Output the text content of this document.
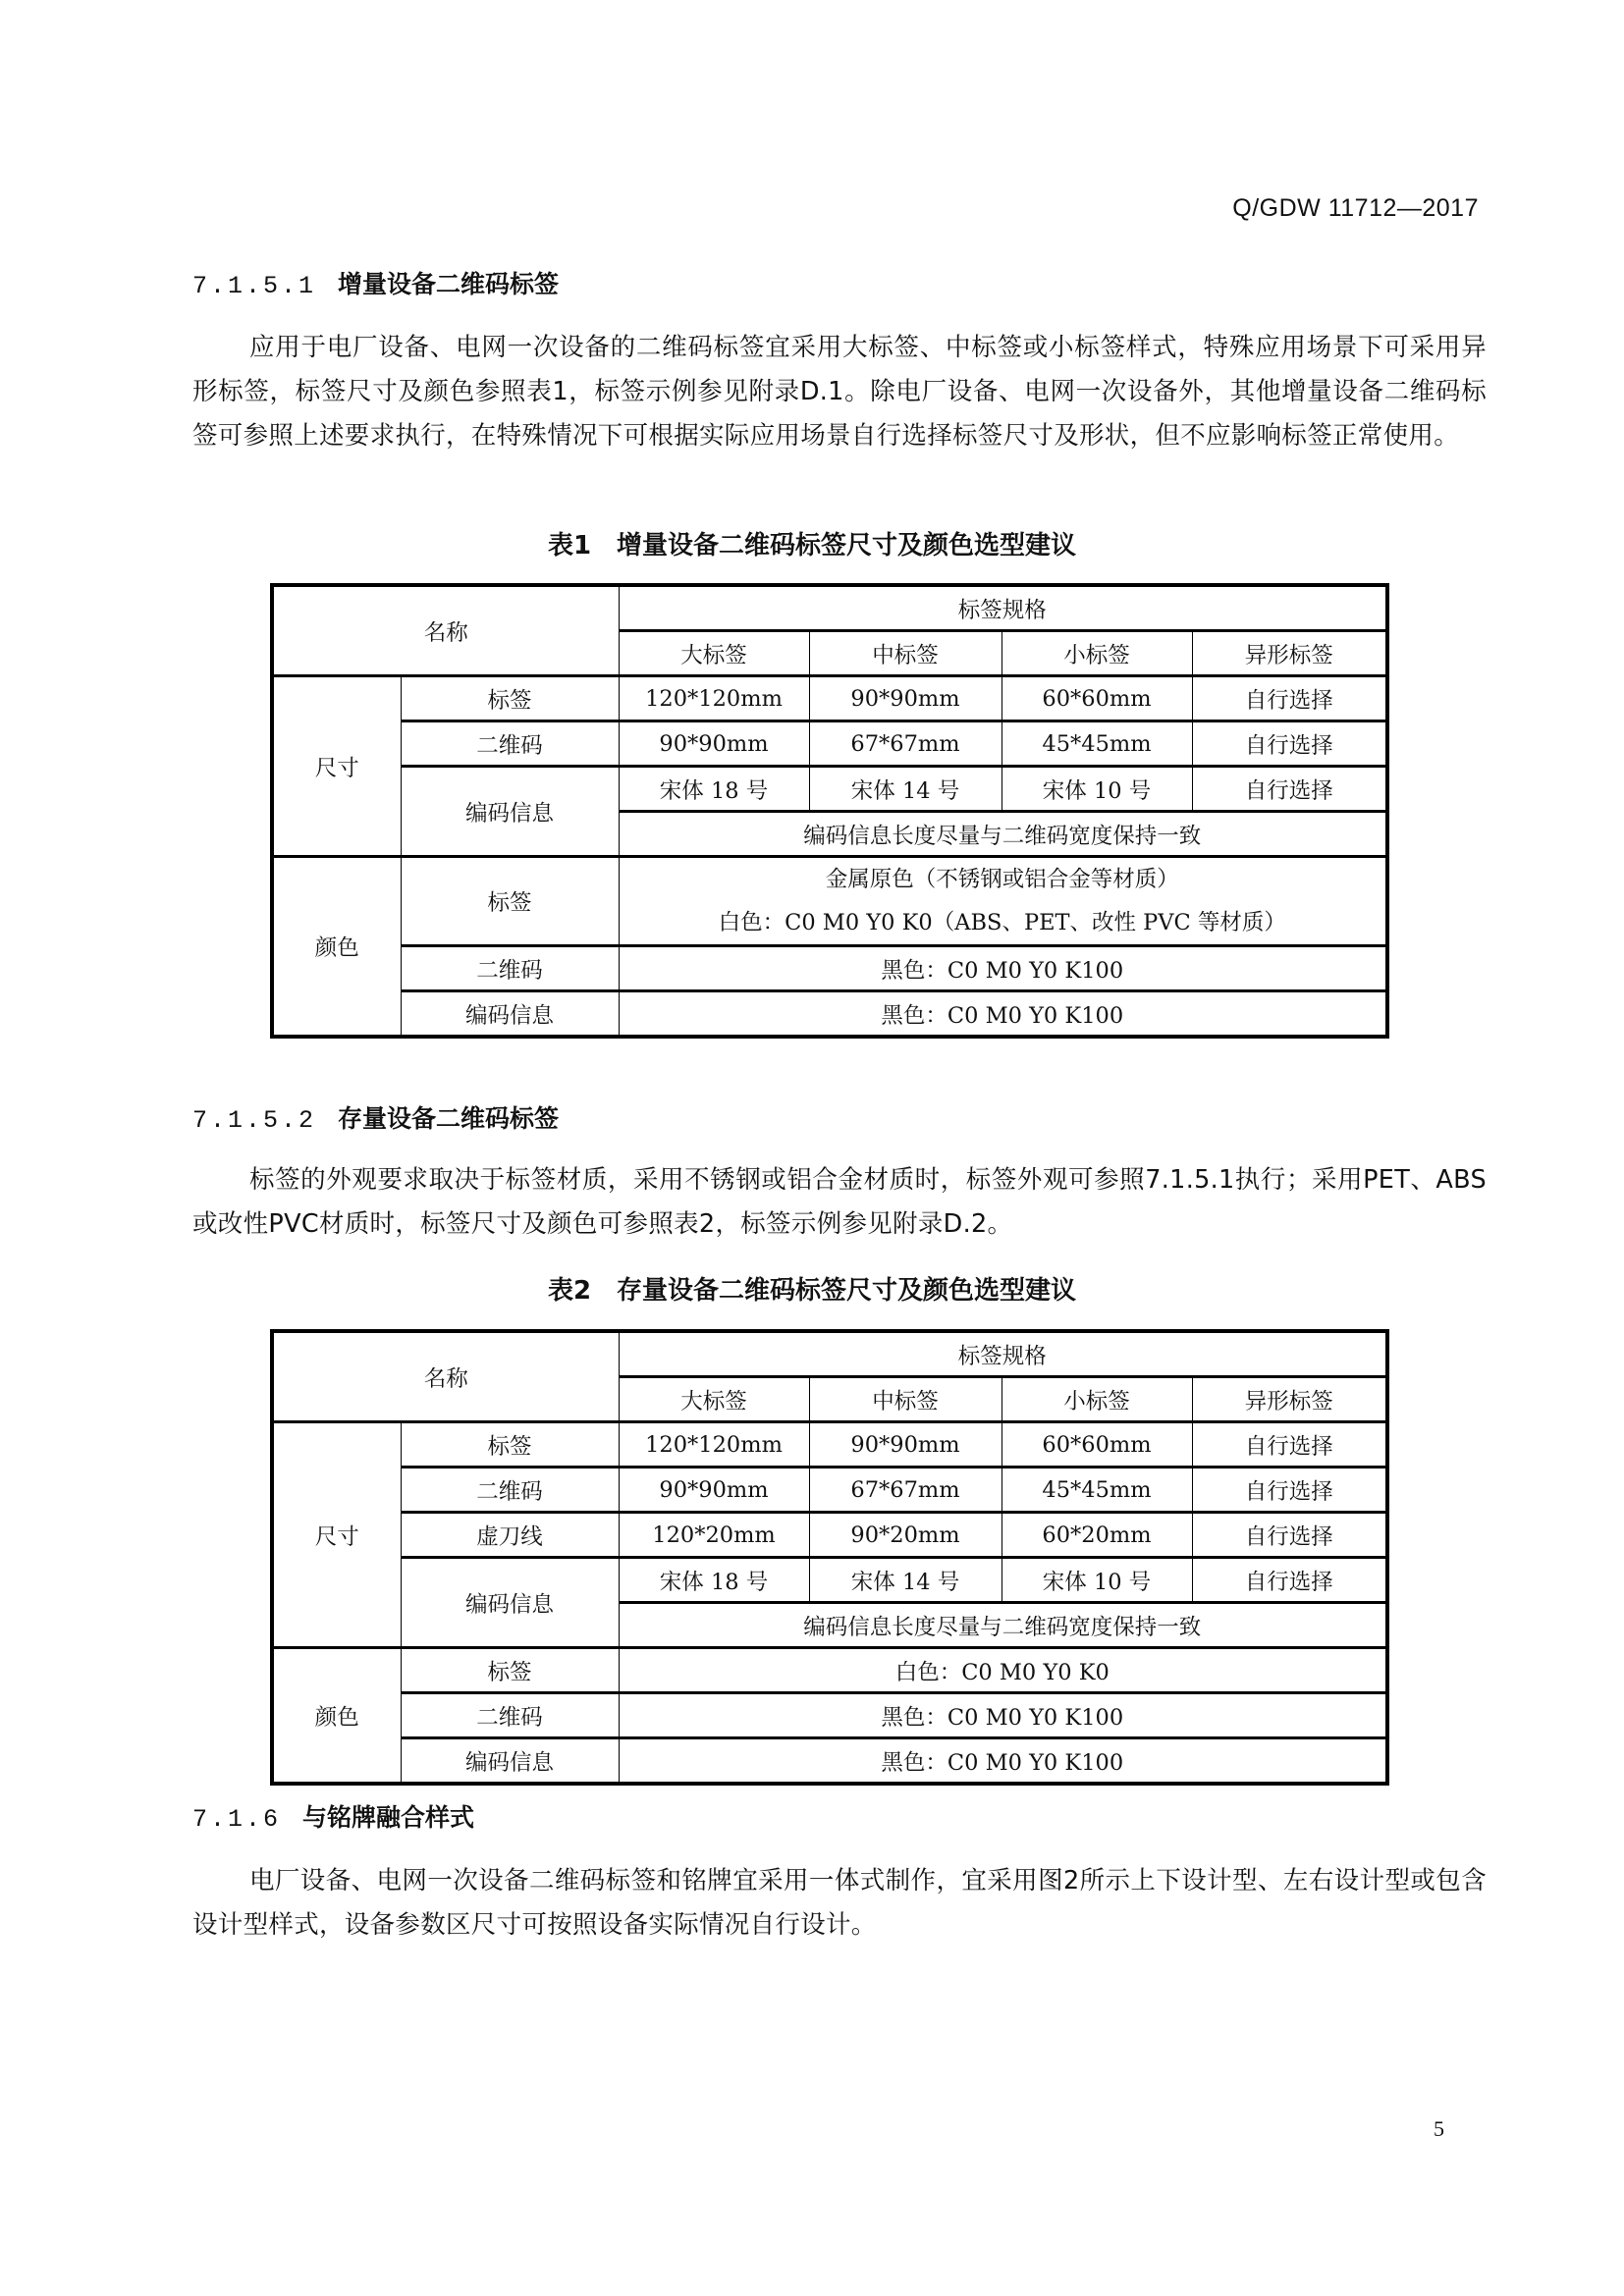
Q/GDW 11712—2017
7.1.5.1 增量设备二维码标签
应用于电厂设备、电网一次设备的二维码标签宜采用大标签、中标签或小标签样式，特殊应用场景下可采用异形标签，标签尺寸及颜色参照表1，标签示例参见附录D.1。除电厂设备、电网一次设备外，其他增量设备二维码标签可参照上述要求执行，在特殊情况下可根据实际应用场景自行选择标签尺寸及形状，但不应影响标签正常使用。
表1　增量设备二维码标签尺寸及颜色选型建议
名称		标签规格			
		大标签	中标签	小标签	异形标签
尺寸	标签	120*120mm	90*90mm	60*60mm	自行选择
	二维码	90*90mm	67*67mm	45*45mm	自行选择
	编码信息	宋体 18 号	宋体 14 号	宋体 10 号	自行选择
		编码信息长度尽量与二维码宽度保持一致			
颜色	标签	金属原色（不锈钢或铝合金等材质）
白色：C0 M0 Y0 K0（ABS、PET、改性 PVC 等材质）			

	二维码	黑色：C0 M0 Y0 K100			
	编码信息	黑色：C0 M0 Y0 K100			
7.1.5.2 存量设备二维码标签
标签的外观要求取决于标签材质，采用不锈钢或铝合金材质时，标签外观可参照7.1.5.1执行；采用PET、ABS或改性PVC材质时，标签尺寸及颜色可参照表2，标签示例参见附录D.2。
表2　存量设备二维码标签尺寸及颜色选型建议
名称		标签规格			
		大标签	中标签	小标签	异形标签
尺寸	标签	120*120mm	90*90mm	60*60mm	自行选择
	二维码	90*90mm	67*67mm	45*45mm	自行选择
	虚刀线	120*20mm	90*20mm	60*20mm	自行选择
	编码信息	宋体 18 号	宋体 14 号	宋体 10 号	自行选择
		编码信息长度尽量与二维码宽度保持一致			
颜色	标签	白色：C0 M0 Y0 K0			
	二维码	黑色：C0 M0 Y0 K100			
	编码信息	黑色：C0 M0 Y0 K100			
7.1.6 与铭牌融合样式
电厂设备、电网一次设备二维码标签和铭牌宜采用一体式制作，宜采用图2所示上下设计型、左右设计型或包含设计型样式，设备参数区尺寸可按照设备实际情况自行设计。
5
